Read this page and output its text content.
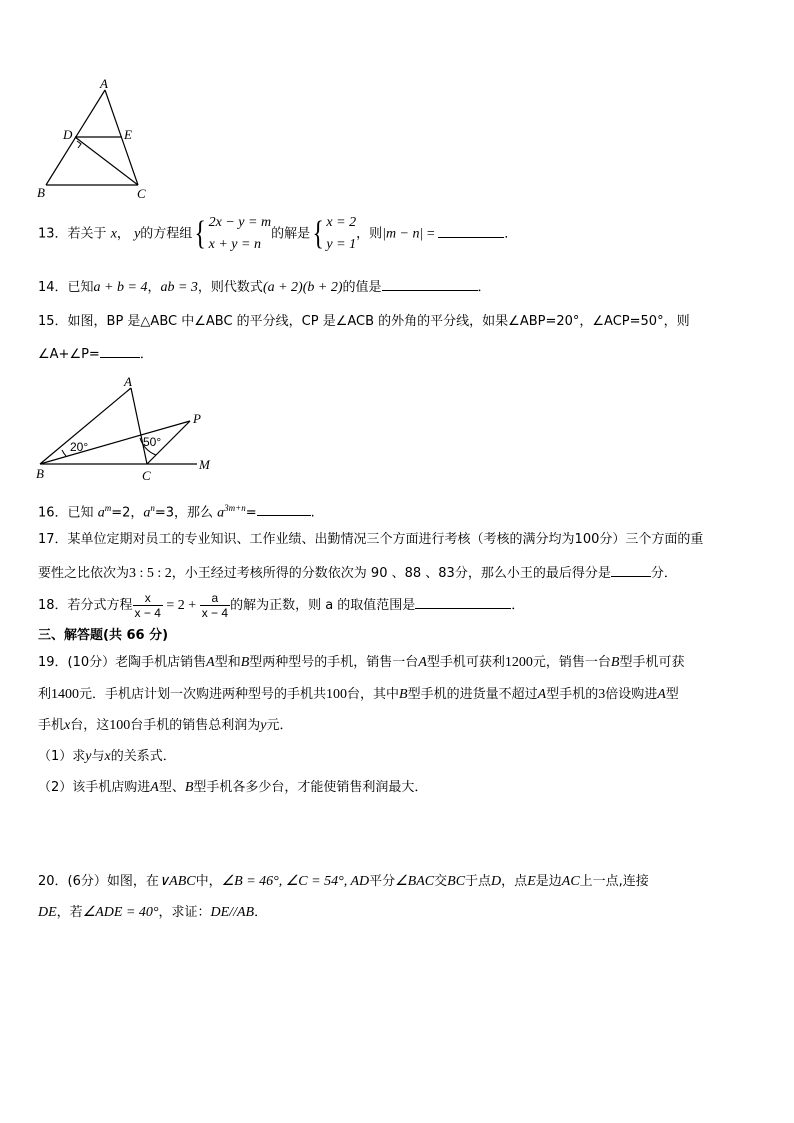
A
D	E
B	C
13．若关于 x， y的方程组{ 2x − y = m
x + y = n
的解是{ x = 2
y = 1
，则|m − n| =	．
14．已知a + b = 4，ab = 3，则代数式(a + 2)(b + 2)的值是	．
15．如图，BP 是△ABC 中∠ABC 的平分线，CP 是∠ACB 的外角的平分线，如果∠ABP=20°，∠ACP=50°，则
∠A+∠P=	．
A
P
B	C
M
20°	50°
16．已知 $a^m=2$，$a^n=3$，那么 $a^{3m+n}=$	.
17．某单位定期对员工的专业知识、工作业绩、出勤情况三个方面进行考核（考核的满分均为100分）三个方面的重
要性之比依次为3 : 5 : 2，小王经过考核所得的分数依次为 90 、88 、83分，那么小王的最后得分是	分．
18．若分式方程 $\frac{x}{x - 4} = 2 + \frac{a}{x - 4}$ 的解为正数，则 a 的取值范围是	．
三、解答题(共 66 分)
19．(10分）老陶手机店销售A型和B型两种型号的手机，销售一台A型手机可获利1200元，销售一台B型手机可获
利1400元．手机店计划一次购进两种型号的手机共100台，其中B型手机的进货量不超过A型手机的3倍设购进A型
手机x台，这100台手机的销售总利润为y元．
（1）求y与x的关系式．
（2）该手机店购进A型、B型手机各多少台，才能使销售利润最大．
20．(6分）如图，在∨ABC中，∠B = 46°, ∠C = 54°, AD平分∠BAC交BC于点D，点E是边AC上一点,连接
DE，若∠ADE = 40°，求证：DE//AB．
